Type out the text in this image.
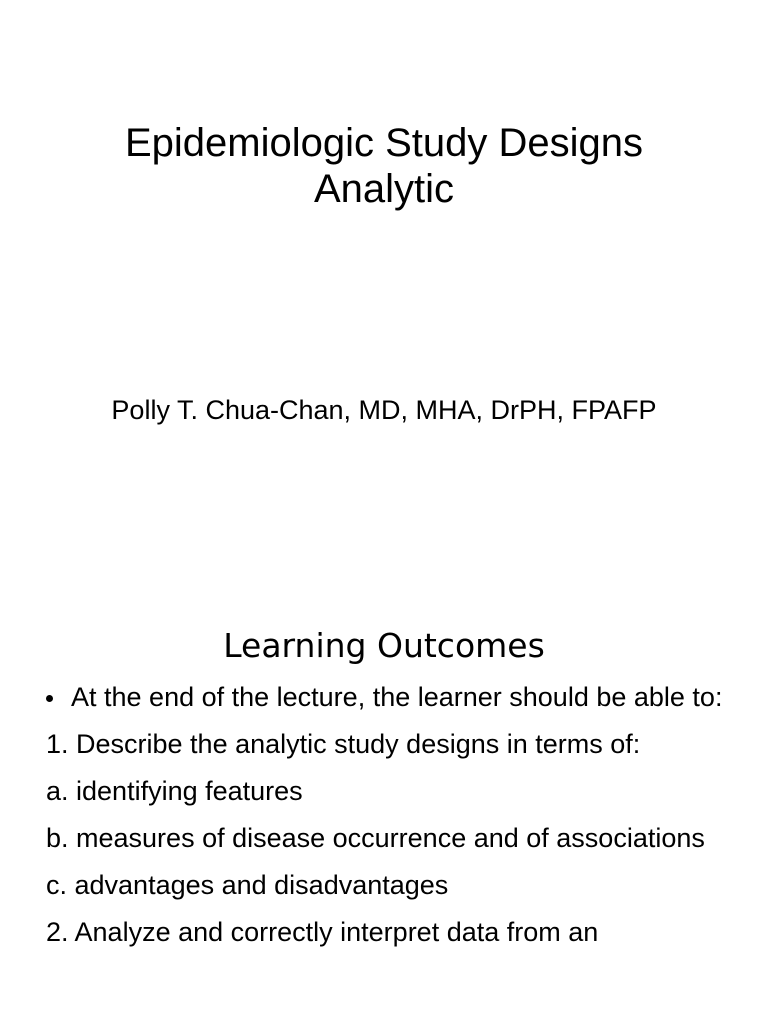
Epidemiologic Study Designs

Analytic

Polly T. Chua-Chan, MD, MHA, DrPH, FPAFP
Learning Outcomes
At the end of the lecture, the learner should be able to:
1. Describe the analytic study designs in terms of:
a. identifying features
b. measures of disease occurrence and of associations
c. advantages and disadvantages
2. Analyze and correctly interpret data from an
